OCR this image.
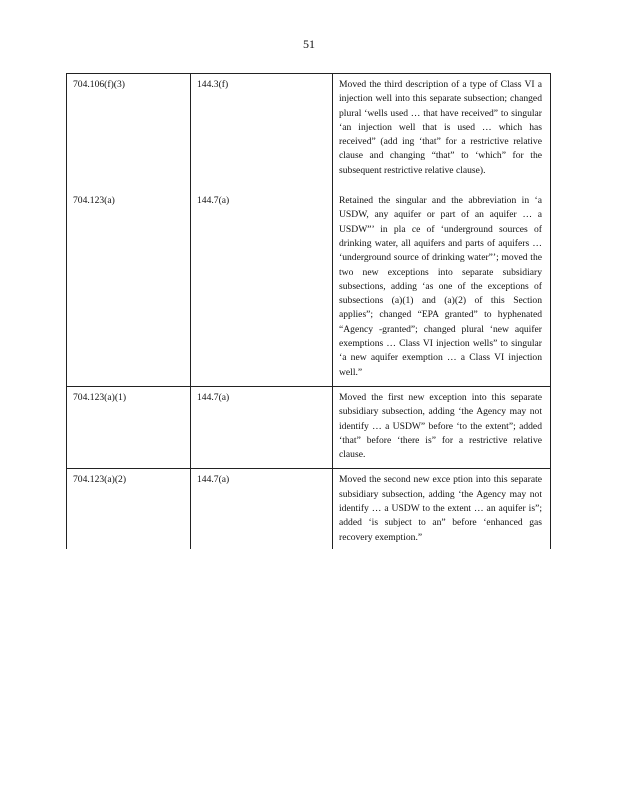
51
704.106(f)(3)	144.3(f)	Moved the third description of a type of Class VI a injection well into this separate subsection; changed plural ‘wells used … that have received” to singular ‘an injection well that is used … which has received” (add ing ‘that” for a restrictive relative clause and changing “that” to ‘which” for the subsequent restrictive relative clause).
704.123(a)	144.7(a)	Retained the singular and the abbreviation in ‘a USDW, any aquifer or part of an aquifer … a USDW”’ in pla ce of ‘underground sources of drinking water, all aquifers and parts of aquifers … ‘underground source of drinking water”’; moved the two new exceptions into separate subsidiary subsections, adding ‘as one of the exceptions of subsections (a)(1) and (a)(2) of this Section applies”; changed “EPA granted” to hyphenated “Agency -granted”; changed plural ‘new aquifer exemptions … Class VI injection wells” to singular ‘a new aquifer exemption … a Class VI injection well.”
704.123(a)(1)	144.7(a)	Moved the first new exception into this separate subsidiary subsection, adding ‘the Agency may not identify … a USDW” before ‘to the extent”; added ‘that” before ‘there is” for a restrictive relative clause.
704.123(a)(2)	144.7(a)	Moved the second new exce ption into this separate subsidiary subsection, adding ‘the Agency may not identify … a USDW to the extent … an aquifer is”; added ‘is subject to an” before ‘enhanced gas recovery exemption.”
